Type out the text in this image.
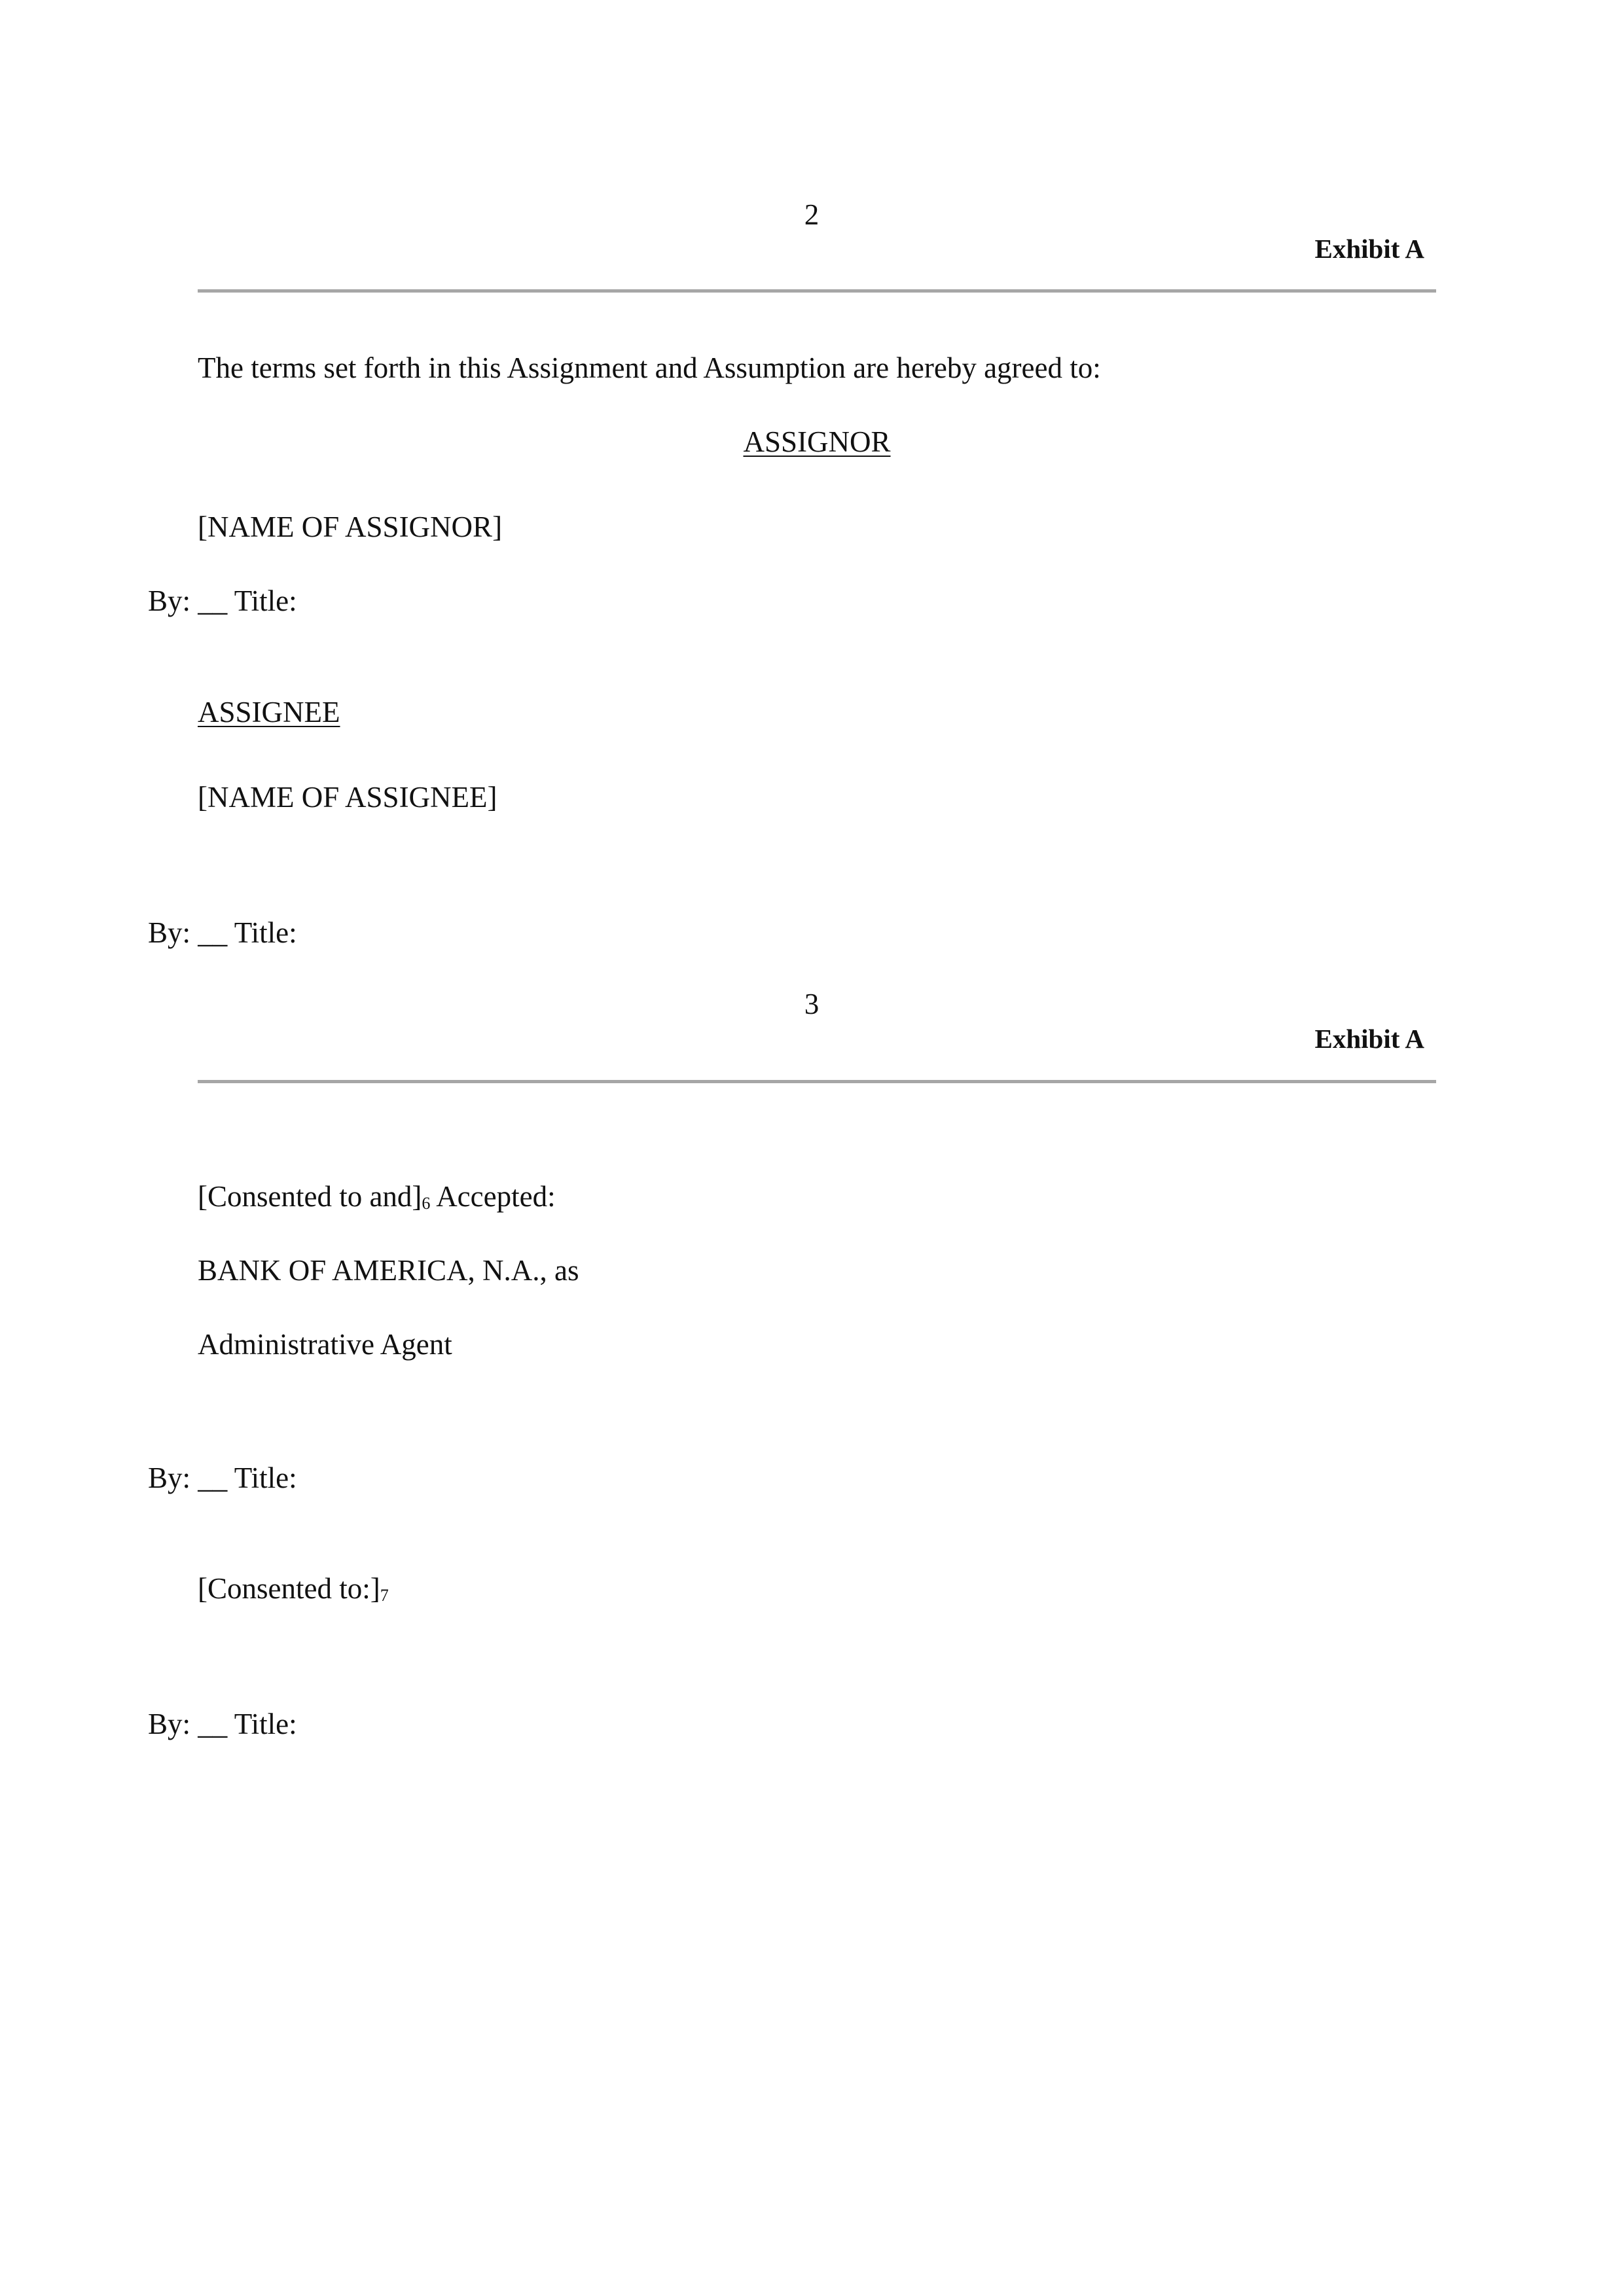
2
Exhibit A
The terms set forth in this Assignment and Assumption are hereby agreed to:
ASSIGNOR
[NAME OF ASSIGNOR]
By: __ Title:
ASSIGNEE
[NAME OF ASSIGNEE]
By: __ Title:
3
Exhibit A
[Consented to $and]_6$ Accepted:
BANK OF AMERICA, N.A., as
Administrative Agent
By: __ Title:
[Consented $to:]_7$
By: __ Title:
